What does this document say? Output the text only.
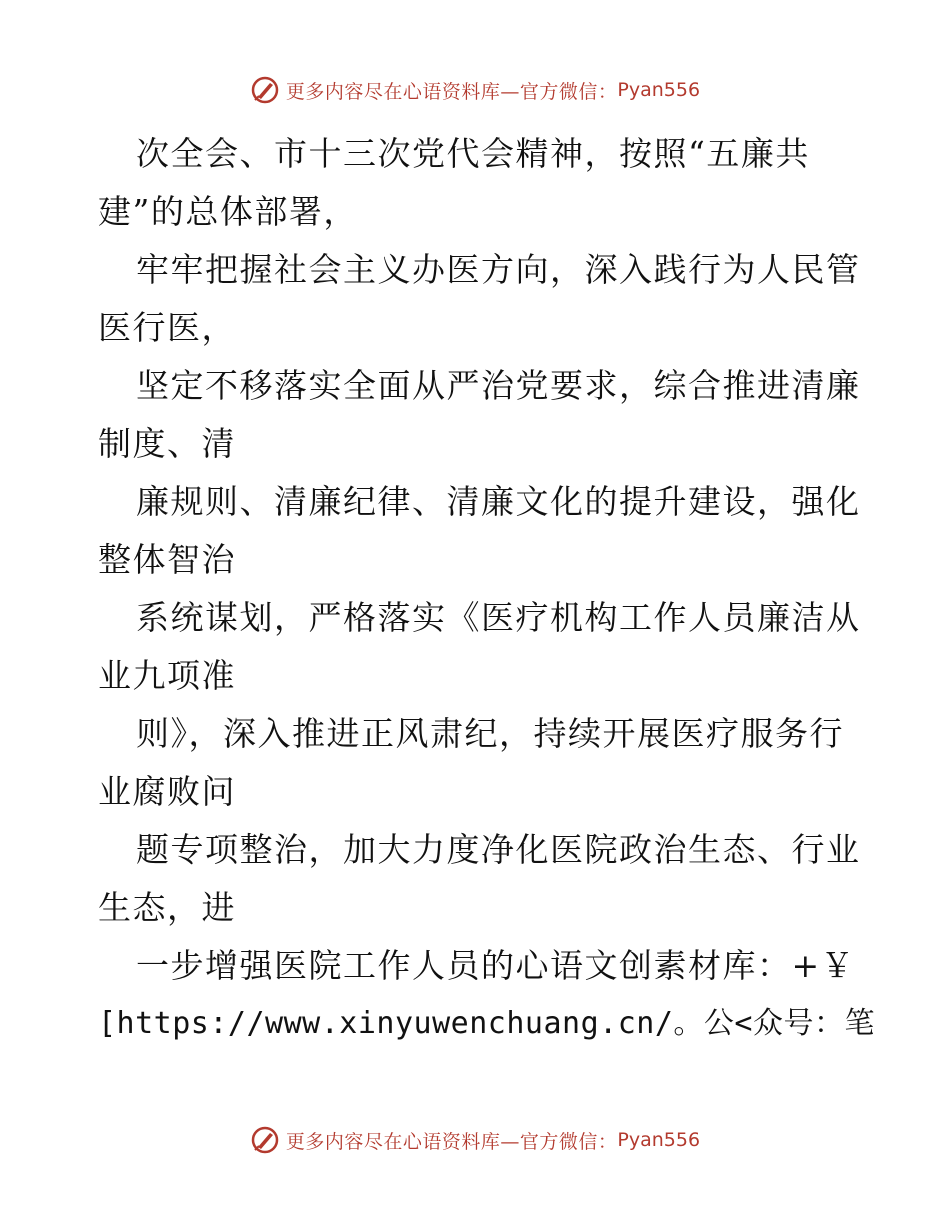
更多内容尽在心语资料库—官方微信： Pyan556
次全会、市十三次党代会精神，按照“五廉共
建”的总体部署，
牢牢把握社会主义办医方向，深入践行为人民管
医行医，
坚定不移落实全面从严治党要求，综合推进清廉
制度、清
廉规则、清廉纪律、清廉文化的提升建设，强化
整体智治
系统谋划，严格落实《医疗机构工作人员廉洁从
业九项准
则》，深入推进正风肃纪，持续开展医疗服务行
业腐败问
题专项整治，加大力度净化医院政治生态、行业
生态，进
一步增强医院工作人员的心语文创素材库：+￥
[https://www.xinyuwenchuang.cn/。公<众号：笔
更多内容尽在心语资料库—官方微信： Pyan556
